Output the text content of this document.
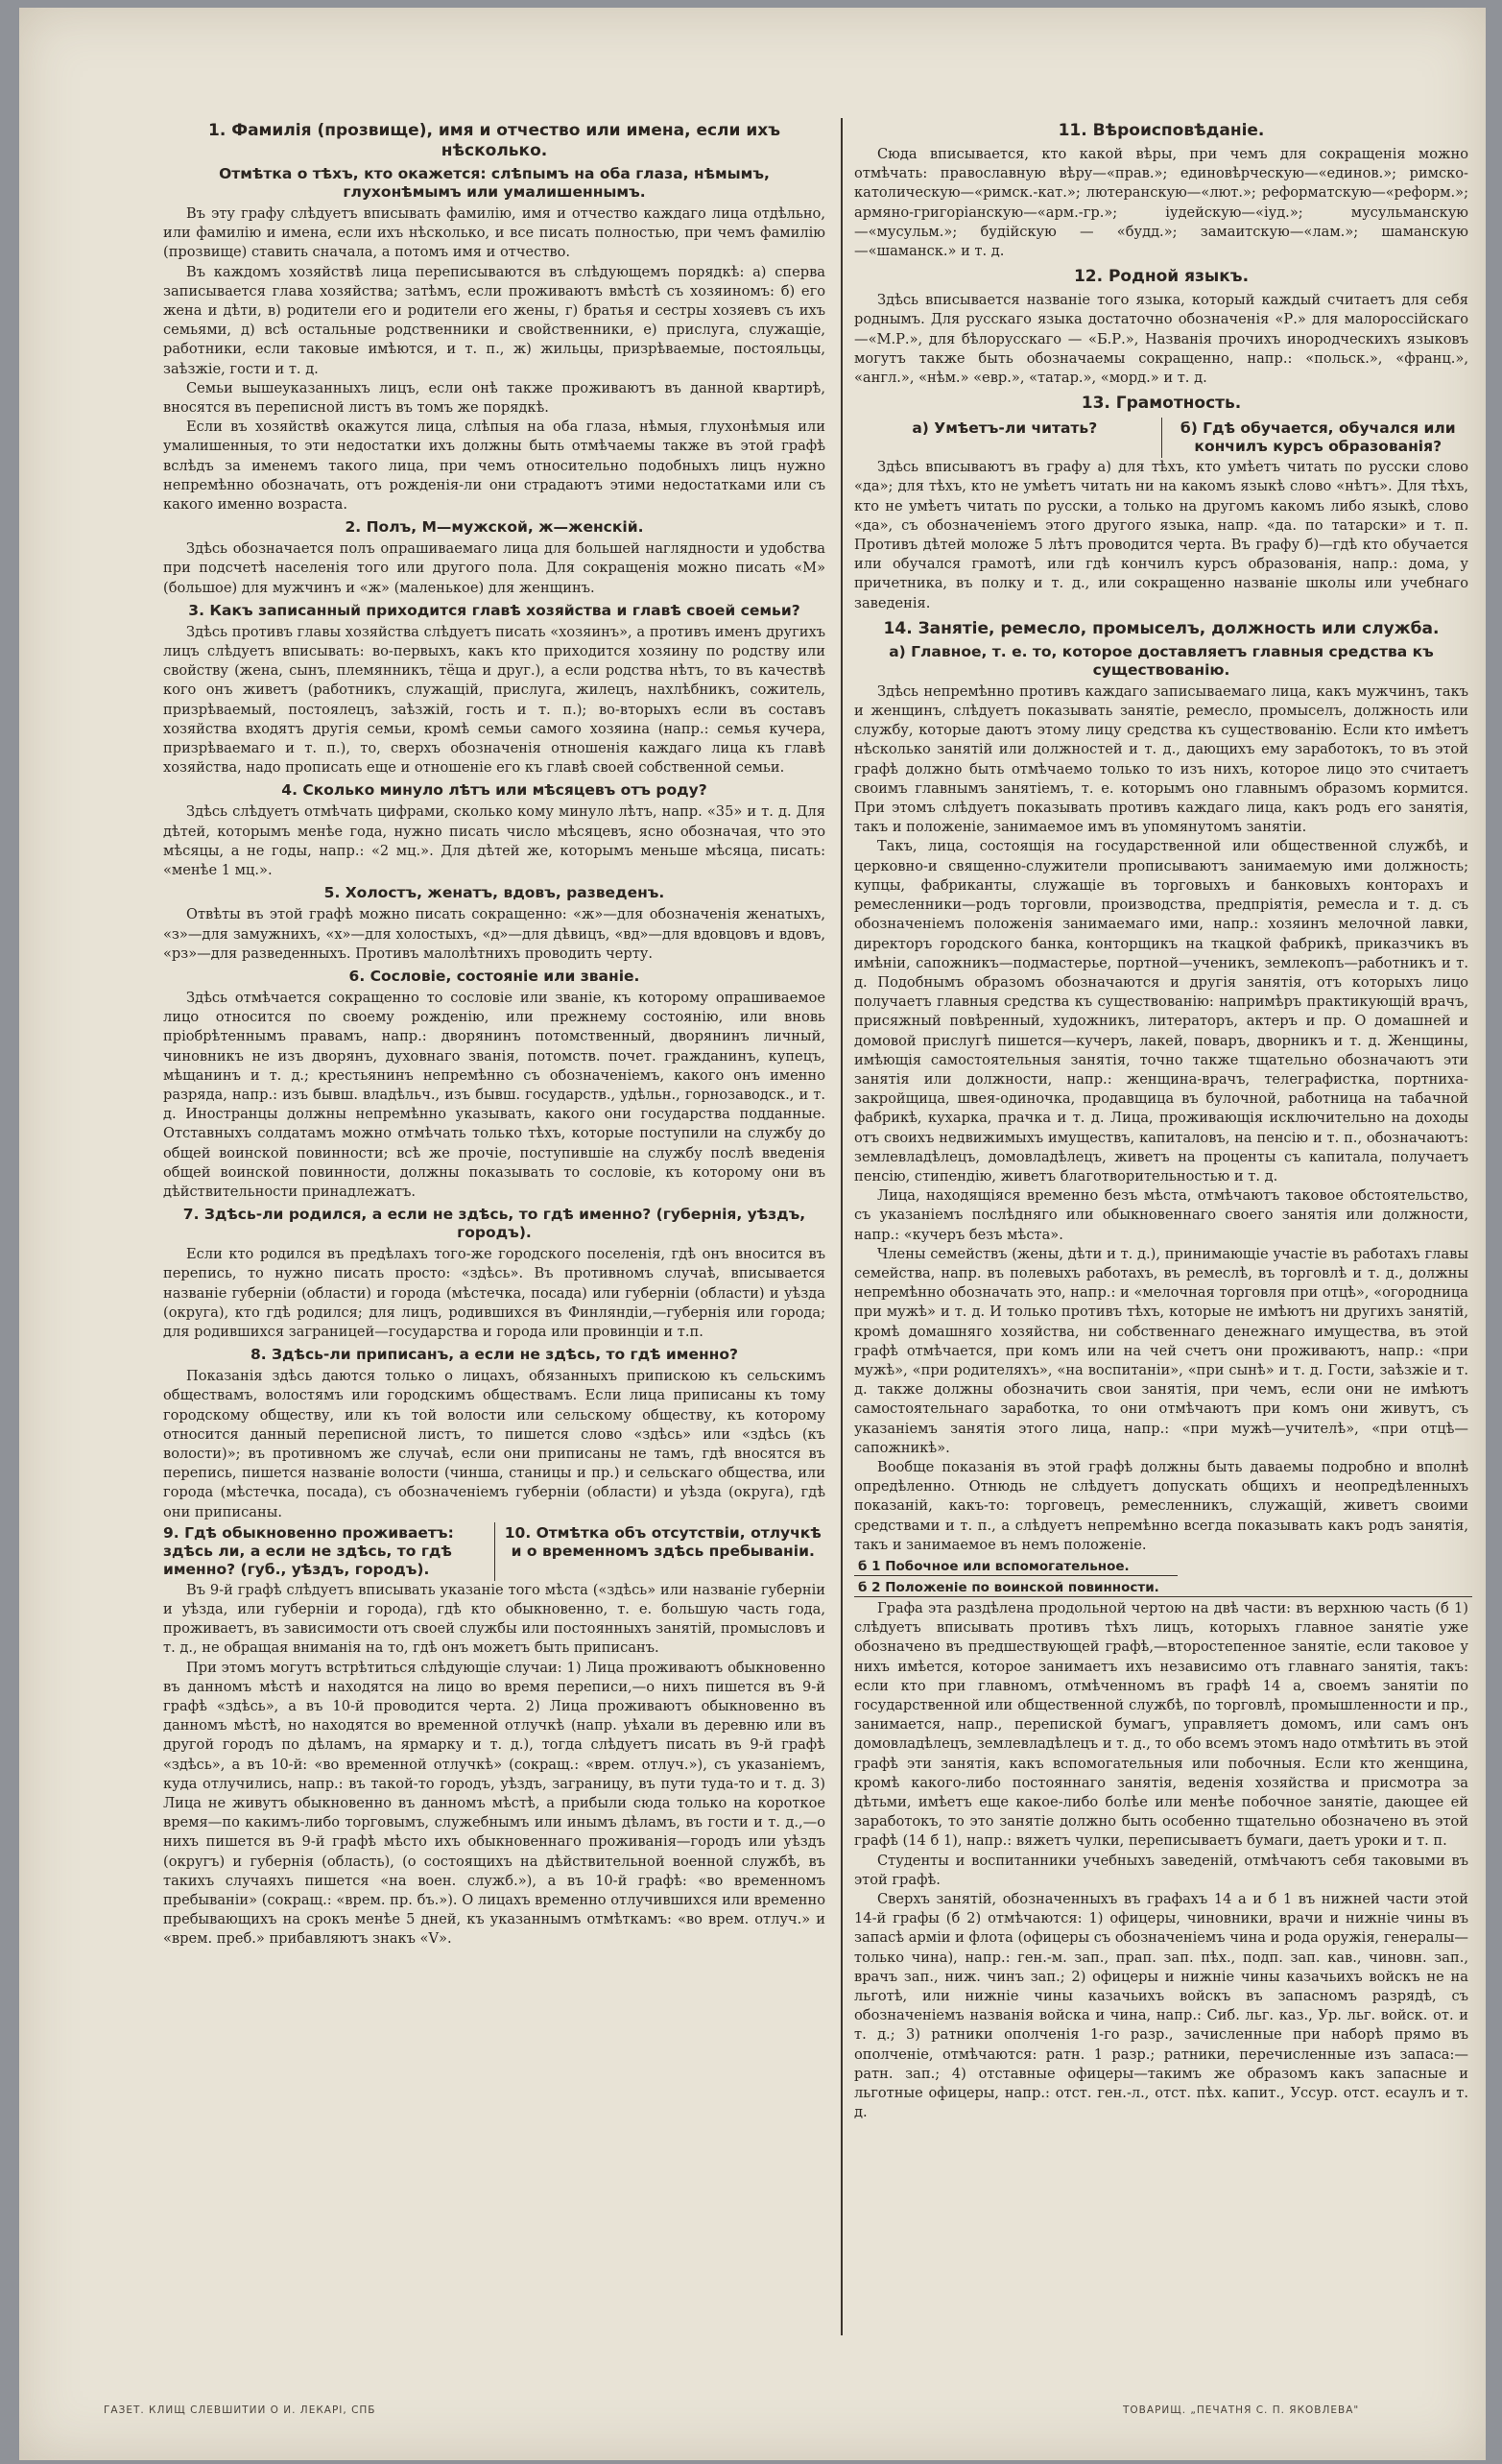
1. Фамилія (прозвище), имя и отчество или имена, если ихъ нѣсколько.
Отмѣтка о тѣхъ, кто окажется: слѣпымъ на оба глаза, нѣмымъ, глухонѣмымъ или умалишеннымъ.

Въ эту графу слѣдуетъ вписывать фамилію, имя и отчество каждаго лица отдѣльно, или фамилію и имена, если ихъ нѣсколько, и все писать полностью, при чемъ фамилію (прозвище) ставить сначала, а потомъ имя и отчество.

Въ каждомъ хозяйствѣ лица переписываются въ слѣдующемъ порядкѣ: а) сперва записывается глава хозяйства; затѣмъ, если проживаютъ вмѣстѣ съ хозяиномъ: б) его жена и дѣти, в) родители его и родители его жены, г) братья и сестры хозяевъ съ ихъ семьями, д) всѣ остальные родственники и свойственники, е) прислуга, служащіе, работники, если таковые имѣются, и т. п., ж) жильцы, призрѣваемые, постояльцы, заѣзжіе, гости и т. д.

Семьи вышеуказанныхъ лицъ, если онѣ также проживаютъ въ данной квартирѣ, вносятся въ переписной листъ въ томъ же порядкѣ.

Если въ хозяйствѣ окажутся лица, слѣпыя на оба глаза, нѣмыя, глухонѣмыя или умалишенныя, то эти недостатки ихъ должны быть отмѣчаемы также въ этой графѣ вслѣдъ за именемъ такого лица, при чемъ относительно подобныхъ лицъ нужно непремѣнно обозначать, отъ рожденія-ли они страдаютъ этими недостатками или съ какого именно возраста.

2. Полъ, М—мужской, ж—женскій.

Здѣсь обозначается полъ опрашиваемаго лица для большей наглядности и удобства при подсчетѣ населенія того или другого пола. Для сокращенія можно писать «М» (большое) для мужчинъ и «ж» (маленькое) для женщинъ.

3. Какъ записанный приходится главѣ хозяйства и главѣ своей семьи?

Здѣсь противъ главы хозяйства слѣдуетъ писать «хозяинъ», а противъ именъ другихъ лицъ слѣдуетъ вписывать: во-первыхъ, какъ кто приходится хозяину по родству или свойству (жена, сынъ, племянникъ, тёща и друг.), а если родства нѣтъ, то въ качествѣ кого онъ живетъ (работникъ, служащій, прислуга, жилецъ, нахлѣбникъ, сожитель, призрѣваемый, постоялецъ, заѣзжій, гость и т. п.); во-вторыхъ если въ составъ хозяйства входятъ другія семьи, кромѣ семьи самого хозяина (напр.: семья кучера, призрѣваемаго и т. п.), то, сверхъ обозначенія отношенія каждаго лица къ главѣ хозяйства, надо прописать еще и отношеніе его къ главѣ своей собственной семьи.

4. Сколько минуло лѣтъ или мѣсяцевъ отъ роду?

Здѣсь слѣдуетъ отмѣчать цифрами, сколько кому минуло лѣтъ, напр. «35» и т. д. Для дѣтей, которымъ менѣе года, нужно писать число мѣсяцевъ, ясно обозначая, что это мѣсяцы, а не годы, напр.: «2 мц.». Для дѣтей же, которымъ меньше мѣсяца, писать: «менѣе 1 мц.».

5. Холостъ, женатъ, вдовъ, разведенъ.

Отвѣты въ этой графѣ можно писать сокращенно: «ж»—для обозначенія женатыхъ, «з»—для замужнихъ, «х»—для холостыхъ, «д»—для дѣвицъ, «вд»—для вдовцовъ и вдовъ, «рз»—для разведенныхъ. Противъ малолѣтнихъ проводить черту.

6. Сословіе, состояніе или званіе.

Здѣсь отмѣчается сокращенно то сословіе или званіе, къ которому опрашиваемое лицо относится по своему рожденію, или прежнему состоянію, или вновь пріобрѣтеннымъ правамъ, напр.: дворянинъ потомственный, дворянинъ личный, чиновникъ не изъ дворянъ, духовнаго званія, потомств. почет. гражданинъ, купецъ, мѣщанинъ и т. д.; крестьянинъ непремѣнно съ обозначеніемъ, какого онъ именно разряда, напр.: изъ бывш. владѣльч., изъ бывш. государств., удѣльн., горнозаводск., и т. д. Иностранцы должны непремѣнно указывать, какого они государства подданные. Отставныхъ солдатамъ можно отмѣчать только тѣхъ, которые поступили на службу до общей воинской повинности; всѣ же прочіе, поступившіе на службу послѣ введенія общей воинской повинности, должны показывать то сословіе, къ которому они въ дѣйствительности принадлежатъ.

7. Здѣсь-ли родился, а если не здѣсь, то гдѣ именно? (губернія, уѣздъ, городъ).

Если кто родился въ предѣлахъ того-же городского поселенія, гдѣ онъ вносится въ перепись, то нужно писать просто: «здѣсь». Въ противномъ случаѣ, вписывается названіе губерніи (области) и города (мѣстечка, посада) или губерніи (области) и уѣзда (округа), кто гдѣ родился; для лицъ, родившихся въ Финляндіи,—губернія или города; для родившихся заграницей—государства и города или провинціи и т.п.

8. Здѣсь-ли приписанъ, а если не здѣсь, то гдѣ именно?

Показанія здѣсь даются только о лицахъ, обязанныхъ припискою къ сельскимъ обществамъ, волостямъ или городскимъ обществамъ. Если лица приписаны къ тому городскому обществу, или къ той волости или сельскому обществу, къ которому относится данный переписной листъ, то пишется слово «здѣсь» или «здѣсь (къ волости)»; въ противномъ же случаѣ, если они приписаны не тамъ, гдѣ вносятся въ перепись, пишется названіе волости (чинша, станицы и пр.) и сельскаго общества, или города (мѣстечка, посада), съ обозначеніемъ губерніи (области) и уѣзда (округа), гдѣ они приписаны.

9. Гдѣ обыкновенно проживаетъ: здѣсь ли, а если не здѣсь, то гдѣ именно? (губ., уѣздъ, городъ).
10. Отмѣтка объ отсутствіи, отлучкѣ и о временномъ здѣсь пребываніи.

Въ 9-й графѣ слѣдуетъ вписывать указаніе того мѣста («здѣсь» или названіе губерніи и уѣзда, или губерніи и города), гдѣ кто обыкновенно, т. е. большую часть года, проживаетъ, въ зависимости отъ своей службы или постоянныхъ занятій, промысловъ и т. д., не обращая вниманія на то, гдѣ онъ можетъ быть приписанъ.

При этомъ могутъ встрѣтиться слѣдующіе случаи: 1) Лица проживаютъ обыкновенно въ данномъ мѣстѣ и находятся на лицо во время переписи,—о нихъ пишется въ 9-й графѣ «здѣсь», а въ 10-й проводится черта. 2) Лица проживаютъ обыкновенно въ данномъ мѣстѣ, но находятся во временной отлучкѣ (напр. уѣхали въ деревню или въ другой городъ по дѣламъ, на ярмарку и т. д.), тогда слѣдуетъ писать въ 9-й графѣ «здѣсь», а въ 10-й: «во временной отлучкѣ» (сокращ.: «врем. отлуч.»), съ указаніемъ, куда отлучились, напр.: въ такой-то городъ, уѣздъ, заграницу, въ пути туда-то и т. д. 3) Лица не живутъ обыкновенно въ данномъ мѣстѣ, а прибыли сюда только на короткое время—по какимъ-либо торговымъ, служебнымъ или инымъ дѣламъ, въ гости и т. д.,—о нихъ пишется въ 9-й графѣ мѣсто ихъ обыкновеннаго проживанія—городъ или уѣздъ (округъ) и губернія (область), (о состоящихъ на дѣйствительной военной службѣ, въ такихъ случаяхъ пишется «на воен. служб.»), а въ 10-й графѣ: «во временномъ пребываніи» (сокращ.: «врем. пр. бъ.»). О лицахъ временно отлучившихся или временно пребывающихъ на срокъ менѣе 5 дней, къ указаннымъ отмѣткамъ: «во врем. отлуч.» и «врем. преб.» прибавляютъ знакъ «V».

11. Вѣроисповѣданіе.

Сюда вписывается, кто какой вѣры, при чемъ для сокращенія можно отмѣчать: православную вѣру—«прав.»; единовѣрческую—«единов.»; римско-католическую—«римск.-кат.»; лютеранскую—«лют.»; реформатскую—«реформ.»; армяно-григоріанскую—«арм.-гр.»; іудейскую—«іуд.»; мусульманскую—«мусульм.»; будійскую — «будд.»; замаитскую—«лам.»; шаманскую—«шаманск.» и т. д.

12. Родной языкъ.

Здѣсь вписывается названіе того языка, который каждый считаетъ для себя роднымъ. Для русскаго языка достаточно обозначенія «Р.» для малороссійскаго—«М.Р.», для бѣлорусскаго — «Б.Р.», Названія прочихъ инородческихъ языковъ могутъ также быть обозначаемы сокращенно, напр.: «польск.», «франц.», «англ.», «нѣм.» «евр.», «татар.», «морд.» и т. д.

13. Грамотность.
а) Умѣетъ-ли читать?	б) Гдѣ обучается, обучался или кончилъ курсъ образованія?

Здѣсь вписываютъ въ графу а) для тѣхъ, кто умѣетъ читать по русски слово «да»; для тѣхъ, кто не умѣетъ читать ни на какомъ языкѣ слово «нѣтъ». Для тѣхъ, кто не умѣетъ читать по русски, а только на другомъ какомъ либо языкѣ, слово «да», съ обозначеніемъ этого другого языка, напр. «да. по татарски» и т. п. Противъ дѣтей моложе 5 лѣтъ проводится черта. Въ графу б)—гдѣ кто обучается или обучался грамотѣ, или гдѣ кончилъ курсъ образованія, напр.: дома, у причетника, въ полку и т. д., или сокращенно названіе школы или учебнаго заведенія.

14. Занятіе, ремесло, промыселъ, должность или служба.
а) Главное, т. е. то, которое доставляетъ главныя средства къ существованію.

Здѣсь непремѣнно противъ каждаго записываемаго лица, какъ мужчинъ, такъ и женщинъ, слѣдуетъ показывать занятіе, ремесло, промыселъ, должность или службу, которые даютъ этому лицу средства къ существованію. Если кто имѣетъ нѣсколько занятій или должностей и т. д., дающихъ ему заработокъ, то въ этой графѣ должно быть отмѣчаемо только то изъ нихъ, которое лицо это считаетъ своимъ главнымъ занятіемъ, т. е. которымъ оно главнымъ образомъ кормится. При этомъ слѣдуетъ показывать противъ каждаго лица, какъ родъ его занятія, такъ и положеніе, занимаемое имъ въ упомянутомъ занятіи.

Такъ, лица, состоящія на государственной или общественной службѣ, и церковно-и священно-служители прописываютъ занимаемую ими должность; купцы, фабриканты, служащіе въ торговыхъ и банковыхъ конторахъ и ремесленники—родъ торговли, производства, предпріятія, ремесла и т. д. съ обозначеніемъ положенія занимаемаго ими, напр.: хозяинъ мелочной лавки, директоръ городского банка, конторщикъ на ткацкой фабрикѣ, приказчикъ въ имѣніи, сапожникъ—подмастерье, портной—ученикъ, землекопъ—работникъ и т. д. Подобнымъ образомъ обозначаются и другія занятія, отъ которыхъ лицо получаетъ главныя средства къ существованію: напримѣръ практикующій врачъ, присяжный повѣренный, художникъ, литераторъ, актеръ и пр. О домашней и домовой прислугѣ пишется—кучеръ, лакей, поваръ, дворникъ и т. д. Женщины, имѣющія самостоятельныя занятія, точно также тщательно обозначаютъ эти занятія или должности, напр.: женщина-врачъ, телеграфистка, портниха-закройщица, швея-одиночка, продавщица въ булочной, работница на табачной фабрикѣ, кухарка, прачка и т. д. Лица, проживающія исключительно на доходы отъ своихъ недвижимыхъ имуществъ, капиталовъ, на пенсію и т. п., обозначаютъ: землевладѣлецъ, домовладѣлецъ, живетъ на проценты съ капитала, получаетъ пенсію, стипендію, живетъ благотворительностью и т. д.

Лица, находящіяся временно безъ мѣста, отмѣчаютъ таковое обстоятельство, съ указаніемъ послѣдняго или обыкновеннаго своего занятія или должности, напр.: «кучеръ безъ мѣста».

Члены семействъ (жены, дѣти и т. д.), принимающіе участіе въ работахъ главы семейства, напр. въ полевыхъ работахъ, въ ремеслѣ, въ торговлѣ и т. д., должны непремѣнно обозначать это, напр.: и «мелочная торговля при отцѣ», «огородница при мужѣ» и т. д. И только противъ тѣхъ, которые не имѣютъ ни другихъ занятій, кромѣ домашняго хозяйства, ни собственнаго денежнаго имущества, въ этой графѣ отмѣчается, при комъ или на чей счетъ они проживаютъ, напр.: «при мужѣ», «при родителяхъ», «на воспитаніи», «при сынѣ» и т. д. Гости, заѣзжіе и т. д. также должны обозначить свои занятія, при чемъ, если они не имѣютъ самостоятельнаго заработка, то они отмѣчаютъ при комъ они живутъ, съ указаніемъ занятія этого лица, напр.: «при мужѣ—учителѣ», «при отцѣ—сапожникѣ».

Вообще показанія въ этой графѣ должны быть даваемы подробно и вполнѣ опредѣленно. Отнюдь не слѣдуетъ допускать общихъ и неопредѣленныхъ показаній, какъ-то: торговецъ, ремесленникъ, служащій, живетъ своими средствами и т. п., а слѣдуетъ непремѣнно всегда показывать какъ родъ занятія, такъ и занимаемое въ немъ положеніе.

б 1 Побочное или вспомогательное.
б 2 Положеніе по воинской повинности.

Графа эта раздѣлена продольной чертою на двѣ части: въ верхнюю часть (б 1) слѣдуетъ вписывать противъ тѣхъ лицъ, которыхъ главное занятіе уже обозначено въ предшествующей графѣ,—второстепенное занятіе, если таковое у нихъ имѣется, которое занимаетъ ихъ независимо отъ главнаго занятія, такъ: если кто при главномъ, отмѣченномъ въ графѣ 14 а, своемъ занятіи по государственной или общественной службѣ, по торговлѣ, промышленности и пр., занимается, напр., перепиской бумагъ, управляетъ домомъ, или самъ онъ домовладѣлецъ, землевладѣлецъ и т. д., то обо всемъ этомъ надо отмѣтить въ этой графѣ эти занятія, какъ вспомогательныя или побочныя. Если кто женщина, кромѣ какого-либо постояннаго занятія, веденія хозяйства и присмотра за дѣтьми, имѣетъ еще какое-либо болѣе или менѣе побочное занятіе, дающее ей заработокъ, то это занятіе должно быть особенно тщательно обозначено въ этой графѣ (14 б 1), напр.: вяжетъ чулки, переписываетъ бумаги, даетъ уроки и т. п.

Студенты и воспитанники учебныхъ заведеній, отмѣчаютъ себя таковыми въ этой графѣ.

Сверхъ занятій, обозначенныхъ въ графахъ 14 а и б 1 въ нижней части этой 14-й графы (б 2) отмѣчаются: 1) офицеры, чиновники, врачи и нижніе чины въ запасѣ арміи и флота (офицеры съ обозначеніемъ чина и рода оружія, генералы—только чина), напр.: ген.-м. зап., прап. зап. пѣх., подп. зап. кав., чиновн. зап., врачъ зап., ниж. чинъ зап.; 2) офицеры и нижніе чины казачьихъ войскъ не на льготѣ, или нижніе чины казачьихъ войскъ въ запасномъ разрядѣ, съ обозначеніемъ названія войска и чина, напр.: Сиб. льг. каз., Ур. льг. войск. от. и т. д.; 3) ратники ополченія 1-го разр., зачисленные при наборѣ прямо въ ополченіе, отмѣчаются: ратн. 1 разр.; ратники, перечисленные изъ запаса:—ратн. зап.; 4) отставные офицеры—такимъ же образомъ какъ запасные и льготные офицеры, напр.: отст. ген.-л., отст. пѣх. капит., Уссур. отст. есаулъ и т. д.

ГАЗЕТ. КЛИЩ СЛЕВШИТИИ О И. ЛЕКАРІ, СПБ	ТОВАРИЩ. „ПЕЧАТНЯ С. П. ЯКОВЛЕВА"
